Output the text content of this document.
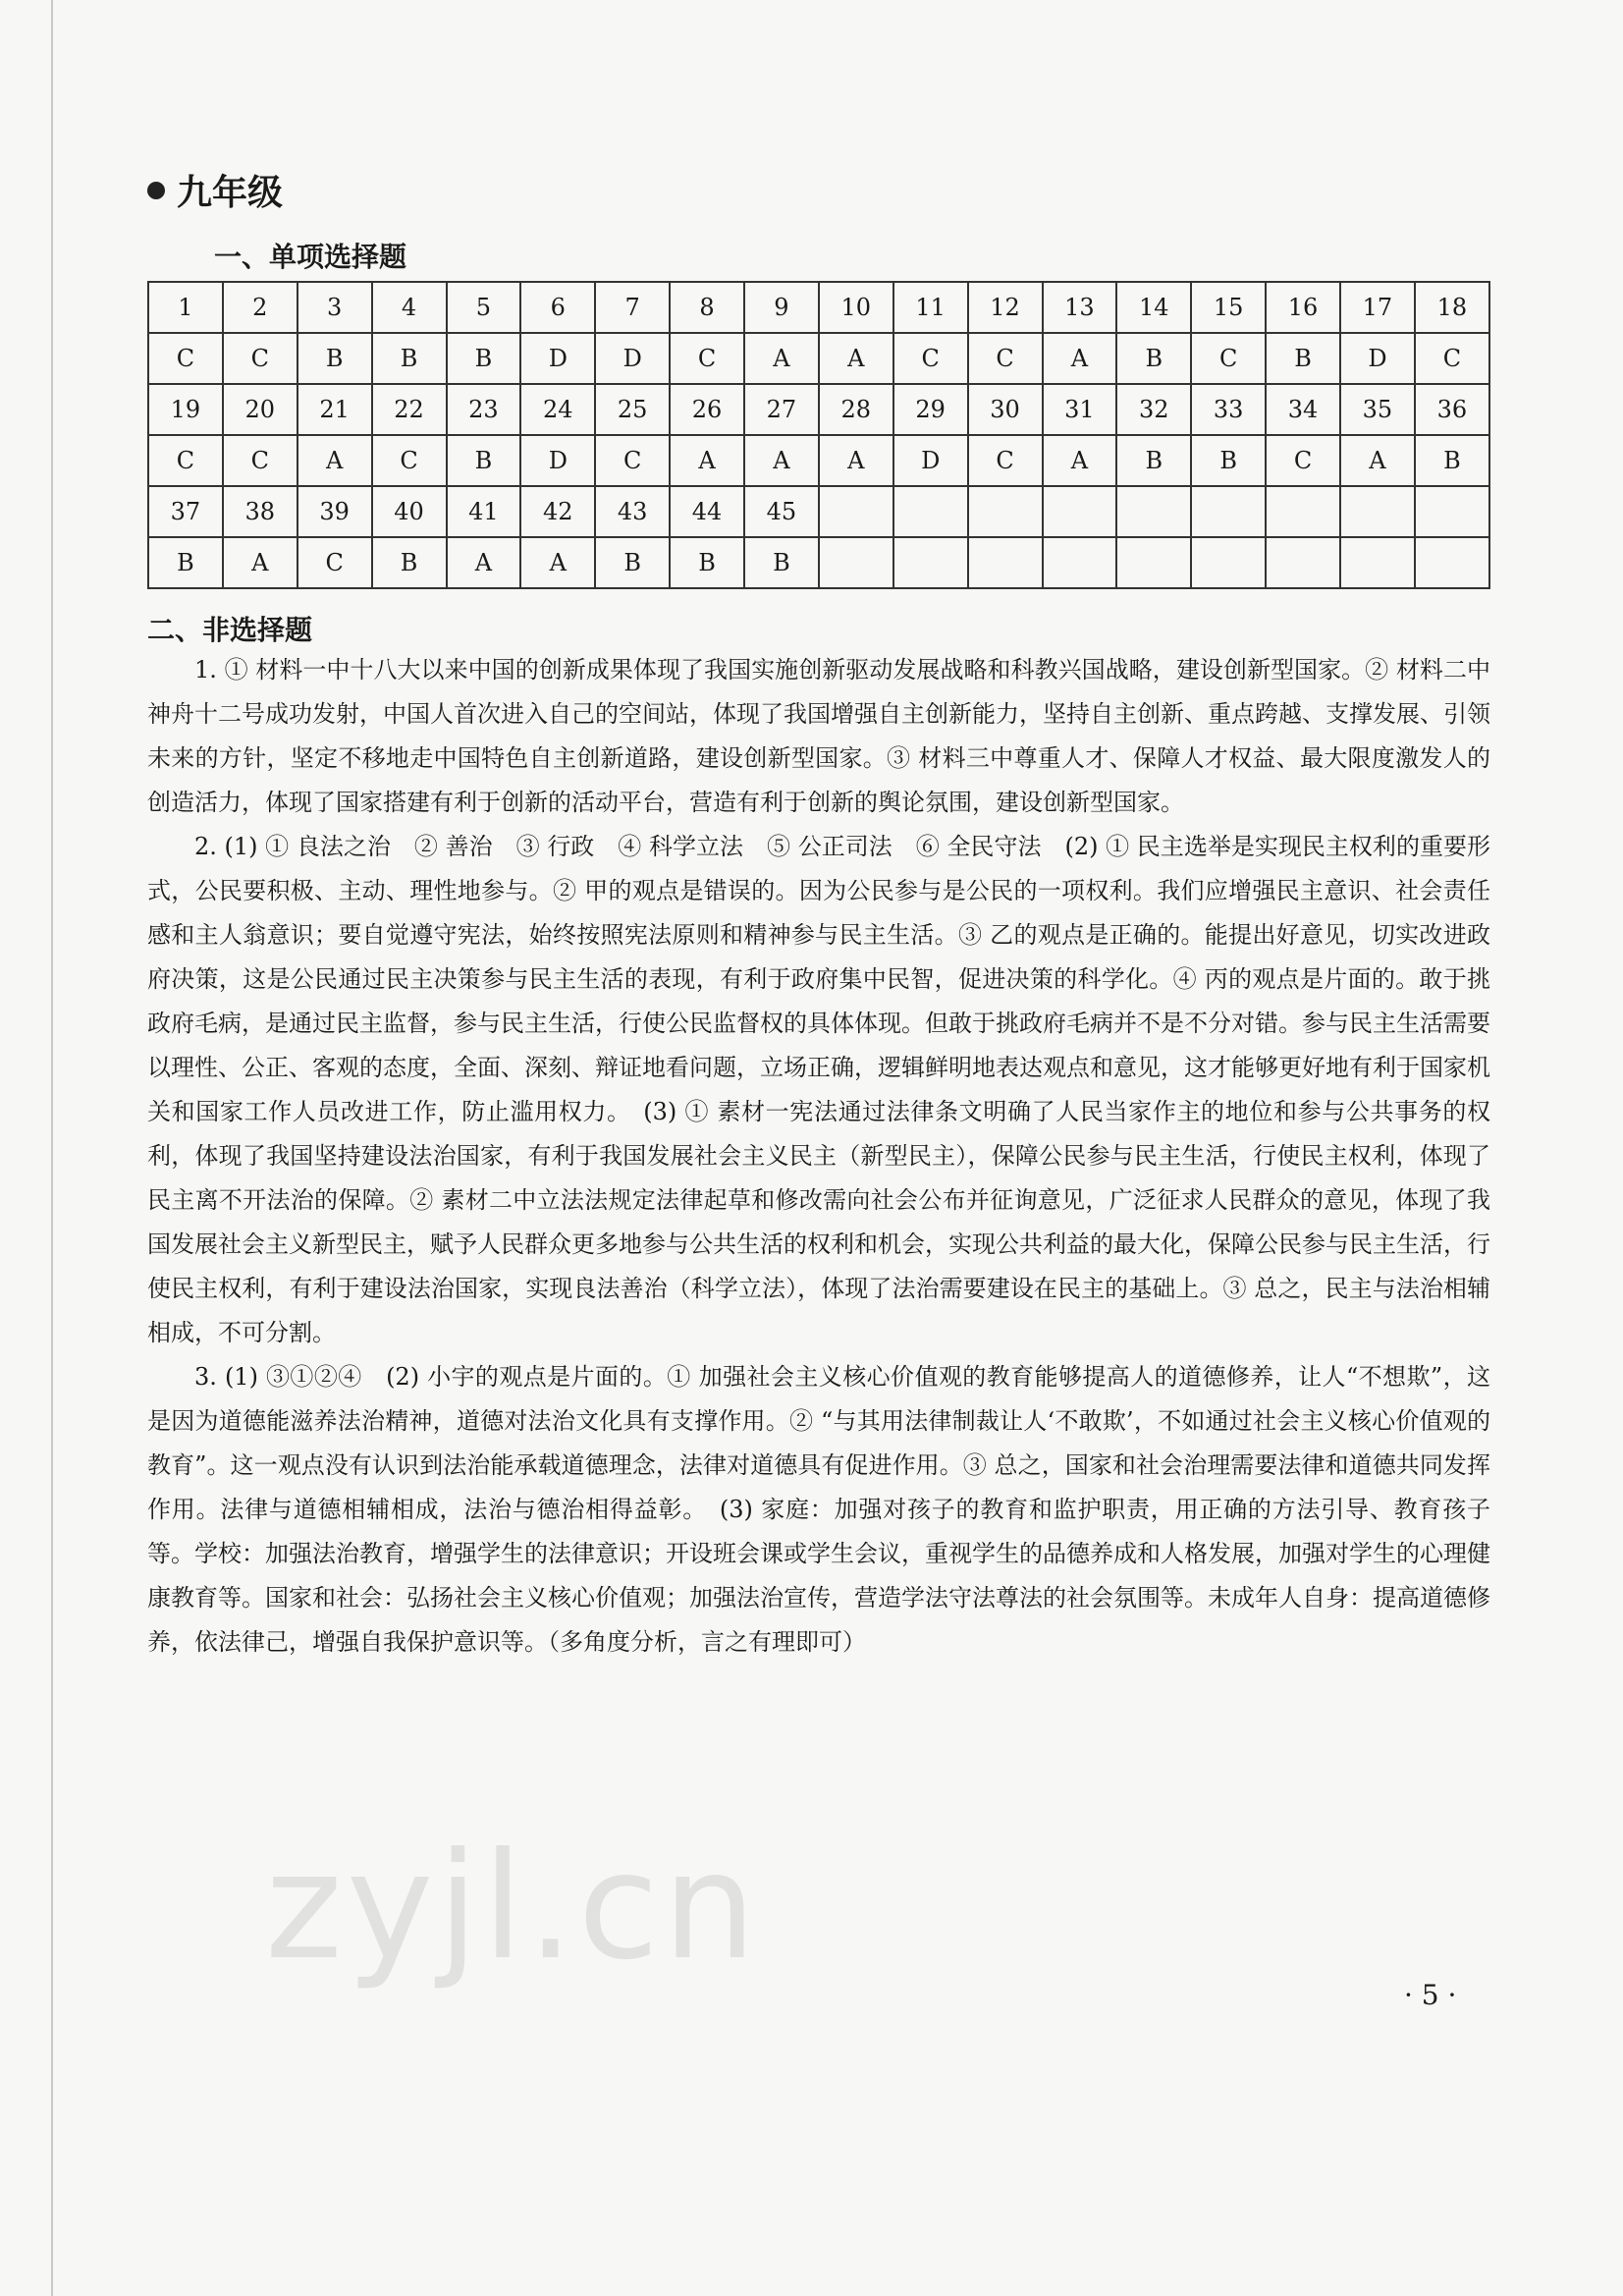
九年级
一、单项选择题
1	2	3	4	5	6	7	8	9	10	11	12	13	14	15	16	17	18
C	C	B	B	B	D	D	C	A	A	C	C	A	B	C	B	D	C
19	20	21	22	23	24	25	26	27	28	29	30	31	32	33	34	35	36
C	C	A	C	B	D	C	A	A	A	D	C	A	B	B	C	A	B
37	38	39	40	41	42	43	44	45									
B	A	C	B	A	A	B	B	B									
二、非选择题

1. ① 材料一中十八大以来中国的创新成果体现了我国实施创新驱动发展战略和科教兴国战略，建设创新型国家。② 材料二中神舟十二号成功发射，中国人首次进入自己的空间站，体现了我国增强自主创新能力，坚持自主创新、重点跨越、支撑发展、引领未来的方针，坚定不移地走中国特色自主创新道路，建设创新型国家。③ 材料三中尊重人才、保障人才权益、最大限度激发人的创造活力，体现了国家搭建有利于创新的活动平台，营造有利于创新的舆论氛围，建设创新型国家。

2. (1) ① 良法之治　② 善治　③ 行政　④ 科学立法　⑤ 公正司法　⑥ 全民守法　(2) ① 民主选举是实现民主权利的重要形式，公民要积极、主动、理性地参与。② 甲的观点是错误的。因为公民参与是公民的一项权利。我们应增强民主意识、社会责任感和主人翁意识；要自觉遵守宪法，始终按照宪法原则和精神参与民主生活。③ 乙的观点是正确的。能提出好意见，切实改进政府决策，这是公民通过民主决策参与民主生活的表现，有利于政府集中民智，促进决策的科学化。④ 丙的观点是片面的。敢于挑政府毛病，是通过民主监督，参与民主生活，行使公民监督权的具体体现。但敢于挑政府毛病并不是不分对错。参与民主生活需要以理性、公正、客观的态度，全面、深刻、辩证地看问题，立场正确，逻辑鲜明地表达观点和意见，这才能够更好地有利于国家机关和国家工作人员改进工作，防止滥用权力。　(3) ① 素材一宪法通过法律条文明确了人民当家作主的地位和参与公共事务的权利，体现了我国坚持建设法治国家，有利于我国发展社会主义民主（新型民主），保障公民参与民主生活，行使民主权利，体现了民主离不开法治的保障。② 素材二中立法法规定法律起草和修改需向社会公布并征询意见，广泛征求人民群众的意见，体现了我国发展社会主义新型民主，赋予人民群众更多地参与公共生活的权利和机会，实现公共利益的最大化，保障公民参与民主生活，行使民主权利，有利于建设法治国家，实现良法善治（科学立法），体现了法治需要建设在民主的基础上。③ 总之，民主与法治相辅相成，不可分割。

3. (1) ③①②④　(2) 小宇的观点是片面的。① 加强社会主义核心价值观的教育能够提高人的道德修养，让人“不想欺”，这是因为道德能滋养法治精神，道德对法治文化具有支撑作用。② “与其用法律制裁让人‘不敢欺’，不如通过社会主义核心价值观的教育”。这一观点没有认识到法治能承载道德理念，法律对道德具有促进作用。③ 总之，国家和社会治理需要法律和道德共同发挥作用。法律与道德相辅相成，法治与德治相得益彰。　(3) 家庭：加强对孩子的教育和监护职责，用正确的方法引导、教育孩子等。学校：加强法治教育，增强学生的法律意识；开设班会课或学生会议，重视学生的品德养成和人格发展，加强对学生的心理健康教育等。国家和社会：弘扬社会主义核心价值观；加强法治宣传，营造学法守法尊法的社会氛围等。未成年人自身：提高道德修养，依法律己，增强自我保护意识等。（多角度分析，言之有理即可）

zyjl.cn
· 5 ·
